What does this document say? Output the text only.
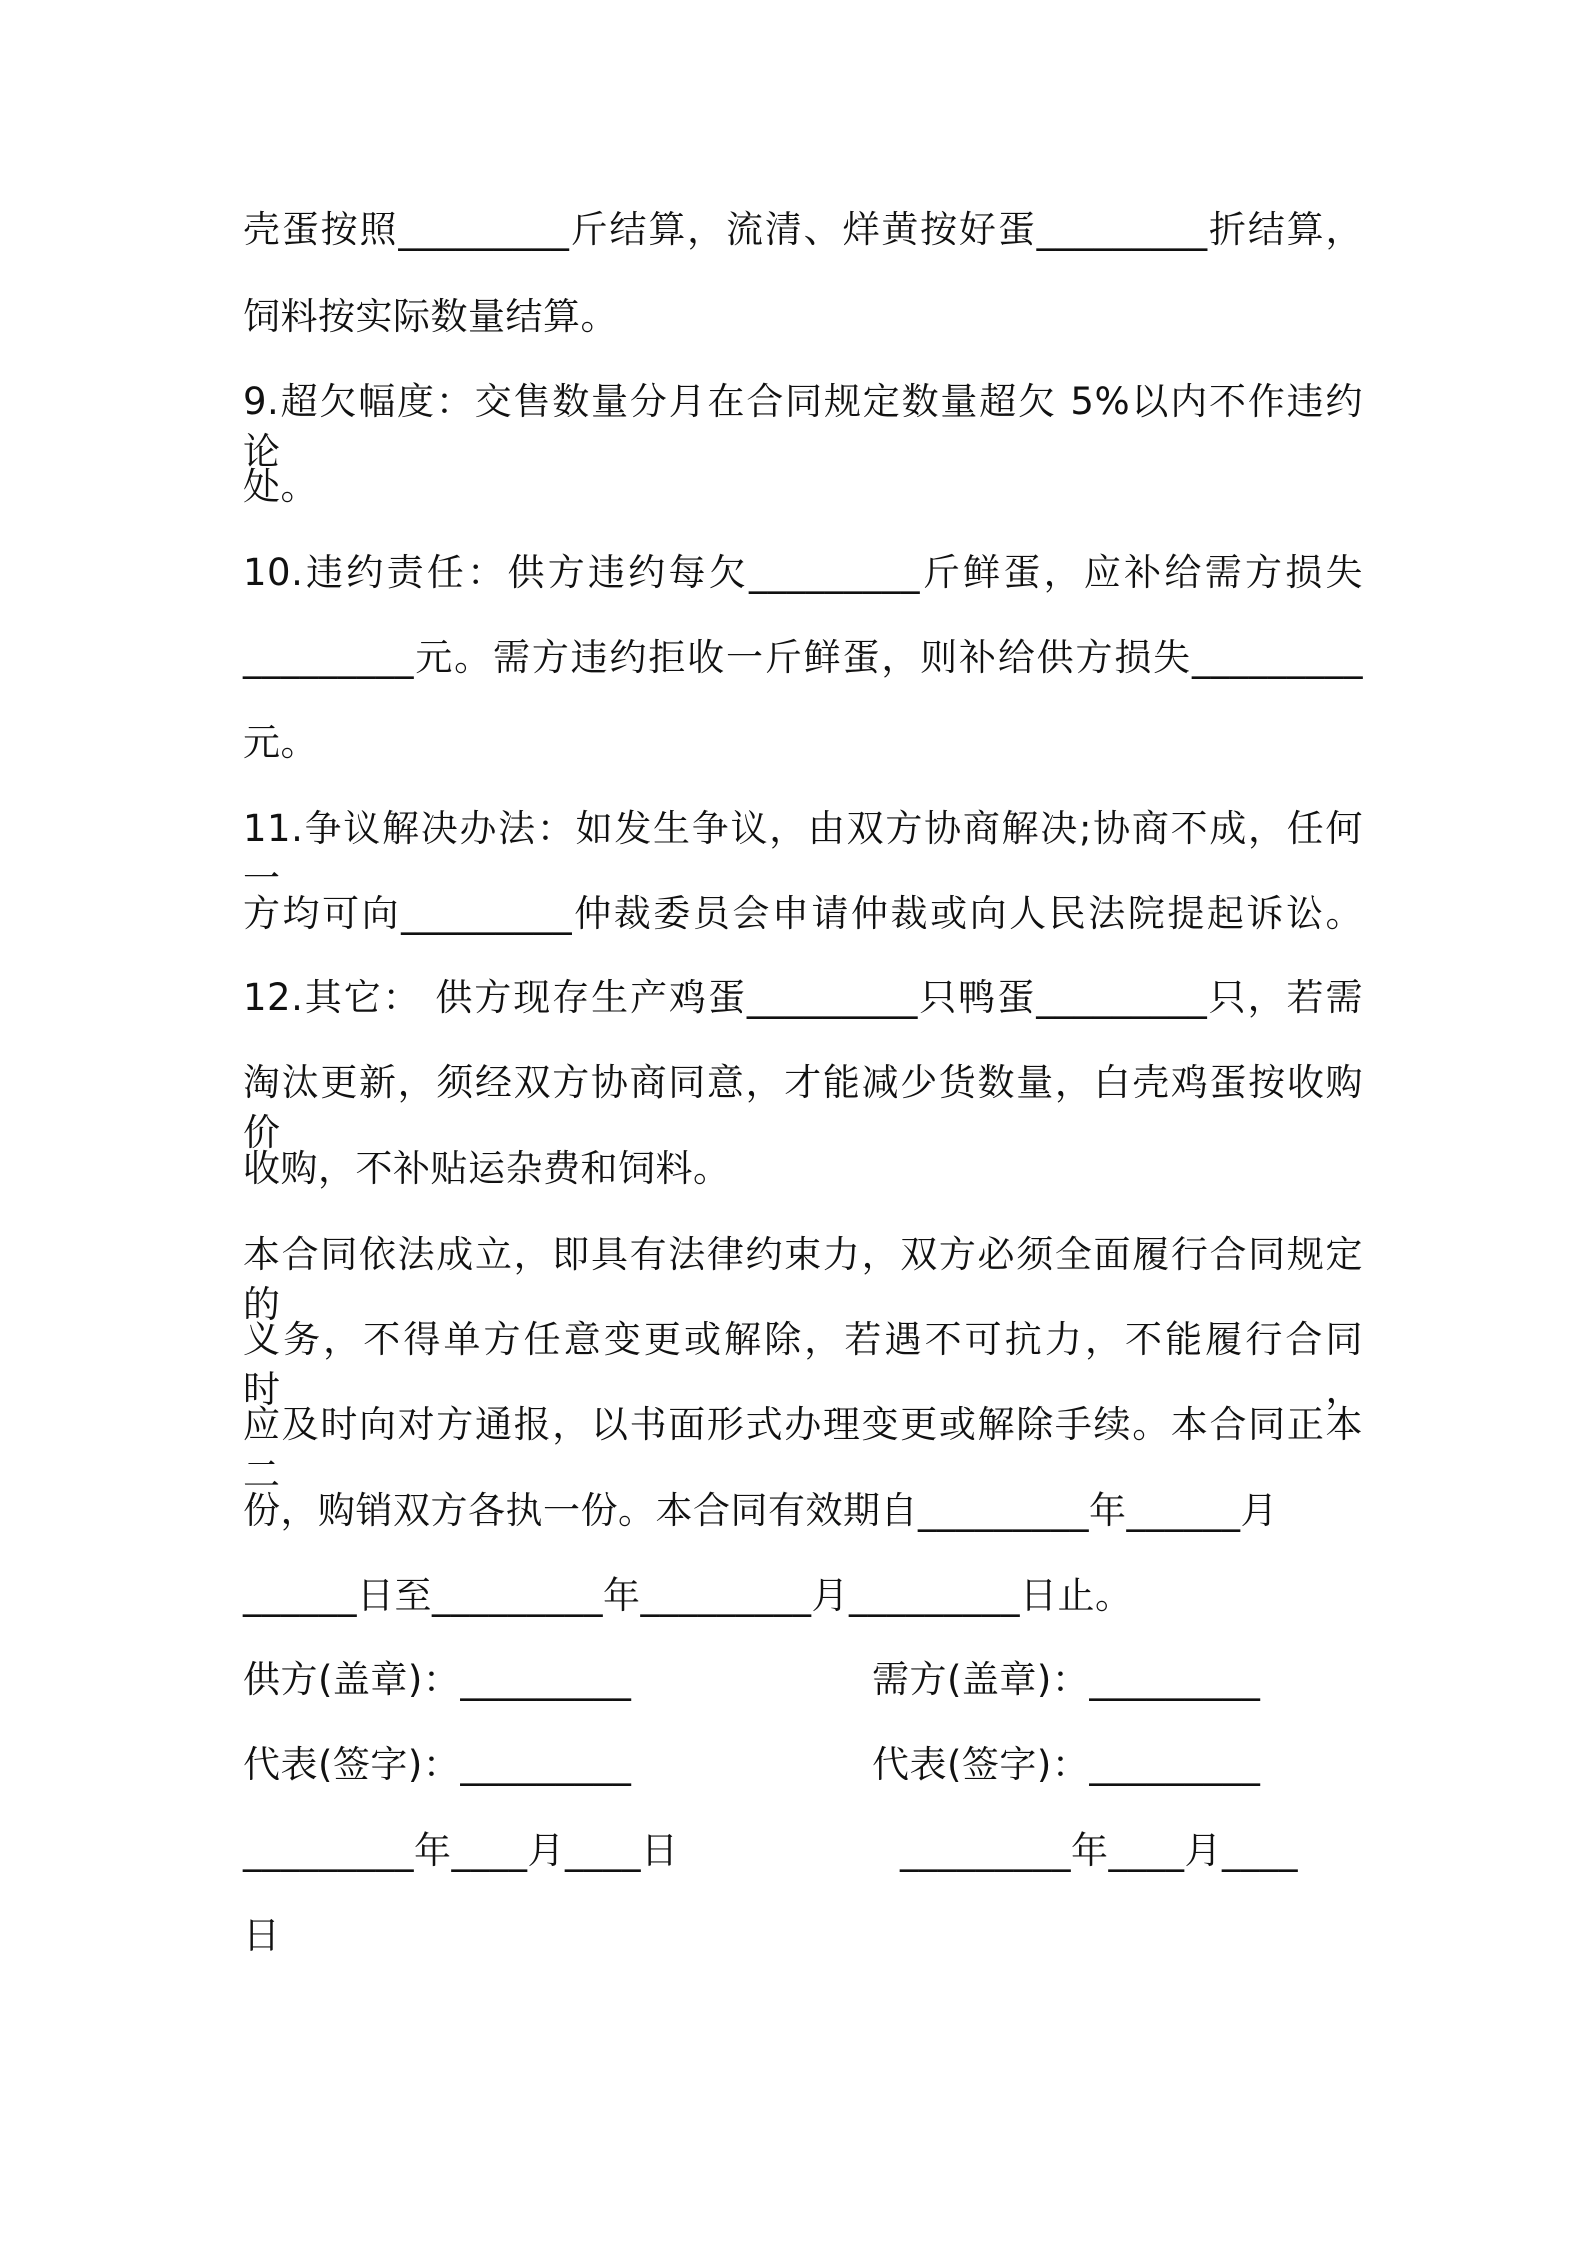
壳蛋按照_________斤结算，流清、烊黄按好蛋_________折结算，
饲料按实际数量结算。
9.超欠幅度：交售数量分月在合同规定数量超欠 5%以内不作违约论
处。
10.违约责任：供方违约每欠_________斤鲜蛋，应补给需方损失
_________元。需方违约拒收一斤鲜蛋，则补给供方损失_________
元。
11.争议解决办法：如发生争议，由双方协商解决;协商不成，任何一
方均可向_________仲裁委员会申请仲裁或向人民法院提起诉讼。
12.其它： 供方现存生产鸡蛋_________只鸭蛋_________只，若需
淘汰更新，须经双方协商同意，才能减少货数量，白壳鸡蛋按收购价
收购，不补贴运杂费和饲料。
本合同依法成立，即具有法律约束力，双方必须全面履行合同规定的
义务，不得单方任意变更或解除，若遇不可抗力，不能履行合同时，
应及时向对方通报，以书面形式办理变更或解除手续。本合同正本二
份，购销双方各执一份。本合同有效期自_________年______月
______日至_________年_________月_________日止。
供方(盖章)：_________	需方(盖章)：_________
代表(签字)：_________	代表(签字)：_________
_________年____月____日	_________年____月____
日
